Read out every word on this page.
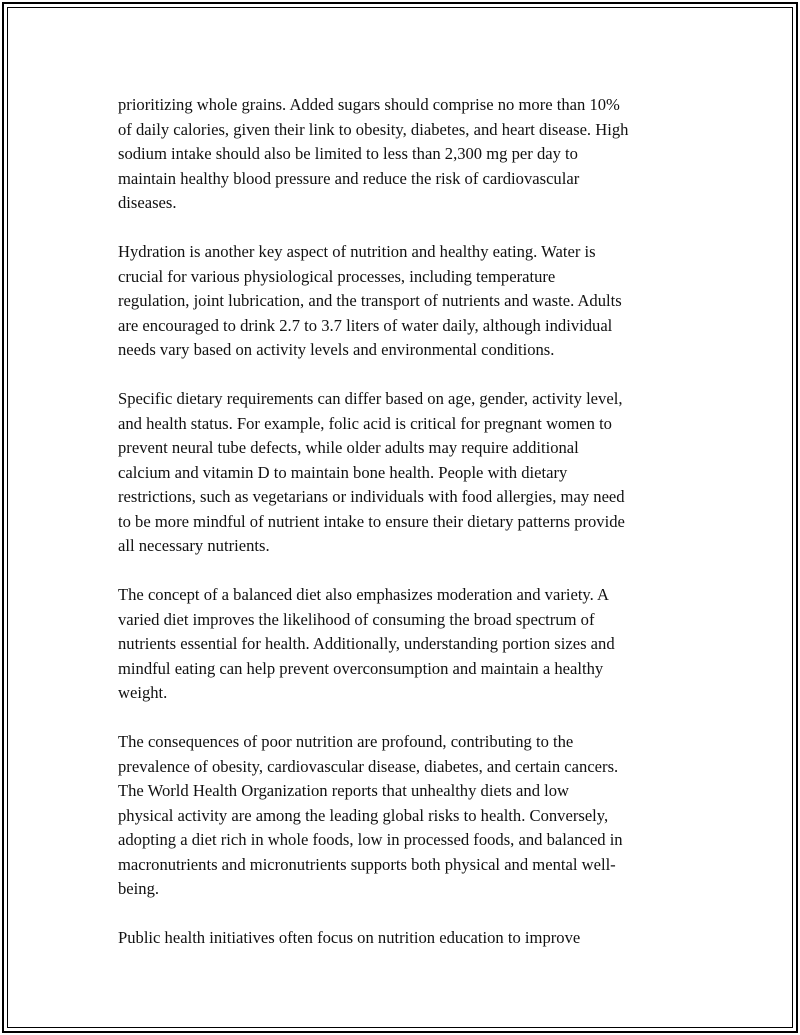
prioritizing whole grains. Added sugars should comprise no more than 10%
of daily calories, given their link to obesity, diabetes, and heart disease. High
sodium intake should also be limited to less than 2,300 mg per day to
maintain healthy blood pressure and reduce the risk of cardiovascular
diseases.

Hydration is another key aspect of nutrition and healthy eating. Water is
crucial for various physiological processes, including temperature
regulation, joint lubrication, and the transport of nutrients and waste. Adults
are encouraged to drink 2.7 to 3.7 liters of water daily, although individual
needs vary based on activity levels and environmental conditions.

Specific dietary requirements can differ based on age, gender, activity level,
and health status. For example, folic acid is critical for pregnant women to
prevent neural tube defects, while older adults may require additional
calcium and vitamin D to maintain bone health. People with dietary
restrictions, such as vegetarians or individuals with food allergies, may need
to be more mindful of nutrient intake to ensure their dietary patterns provide
all necessary nutrients.

The concept of a balanced diet also emphasizes moderation and variety. A
varied diet improves the likelihood of consuming the broad spectrum of
nutrients essential for health. Additionally, understanding portion sizes and
mindful eating can help prevent overconsumption and maintain a healthy
weight.

The consequences of poor nutrition are profound, contributing to the
prevalence of obesity, cardiovascular disease, diabetes, and certain cancers.
The World Health Organization reports that unhealthy diets and low
physical activity are among the leading global risks to health. Conversely,
adopting a diet rich in whole foods, low in processed foods, and balanced in
macronutrients and micronutrients supports both physical and mental well-
being.

Public health initiatives often focus on nutrition education to improve
